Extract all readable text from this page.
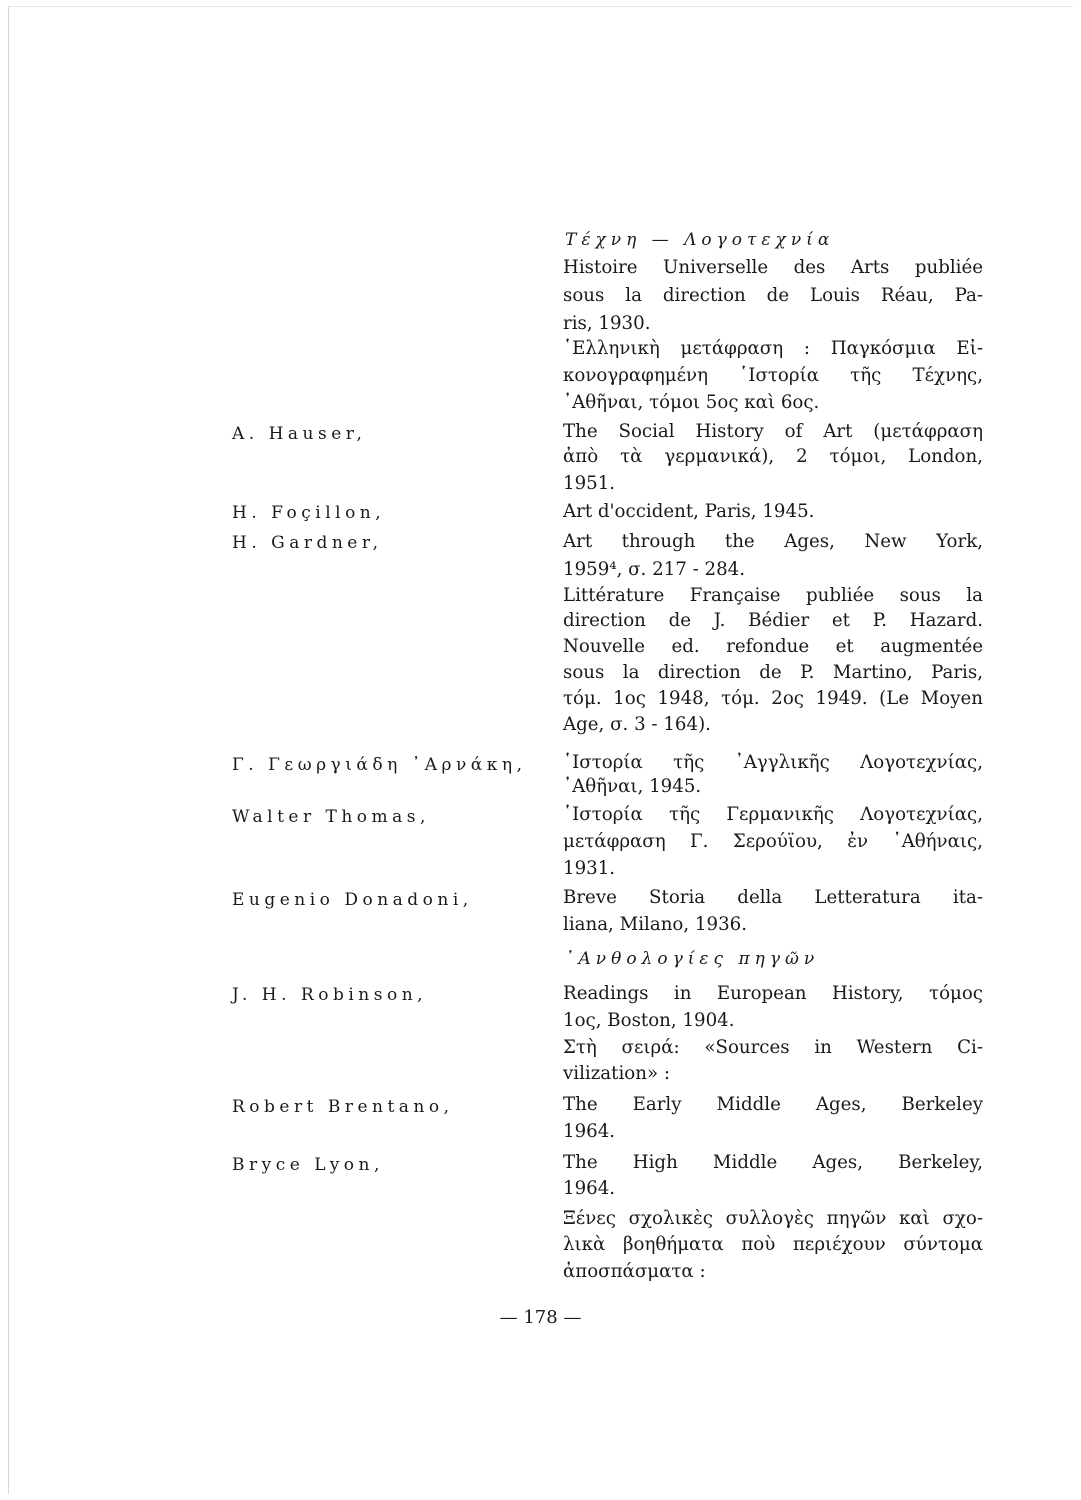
Τέχνη — Λογοτεχνία
A. Hauser,
H. Foçillon,
H. Gardner,
Γ. Γεωργιάδη ᾿Αρνάκη,
Walter Thomas,
Eugenio Donadoni,
J. H. Robinson,
Robert Brentano,
Bryce Lyon,
Histoire Universelle des Arts publiée
sous la direction de Louis Réau, Pa-
ris, 1930.
῾Ελληνικὴ μετάφραση : Παγκόσμια Εἰ-
κονογραφημένη ῾Ιστορία τῆς Τέχνης,
᾿Αθῆναι, τόμοι 5ος καὶ 6ος.
The Social History of Art (μετάφραση
ἀπὸ τὰ γερμανικά), 2 τόμοι, London,
1951.
Art d'occident, Paris, 1945.
Art through the Ages, New York,
1959⁴, σ. 217 - 284.
Littérature Française publiée sous la
direction de J. Bédier et P. Hazard.
Nouvelle ed. refondue et augmentée
sous la direction de P. Martino, Paris,
τόμ. 1ος 1948, τόμ. 2ος 1949. (Le Moyen
Age, σ. 3 - 164).
῾Ιστορία τῆς ᾿Αγγλικῆς Λογοτεχνίας,
᾿Αθῆναι, 1945.
῾Ιστορία τῆς Γερμανικῆς Λογοτεχνίας,
μετάφραση Γ. Σερούϊου, ἐν ᾿Αθήναις,
1931.
Breve Storia della Letteratura ita-
liana, Milano, 1936.
᾿Ανθολογίες πηγῶν
Readings in European History, τόμος
1ος, Boston, 1904.
Στὴ σειρά: «Sources in Western Ci-
vilization» :
The Early Middle Ages, Berkeley
1964.
The High Middle Ages, Berkeley,
1964.
Ξένες σχολικὲς συλλογὲς πηγῶν καὶ σχο-
λικὰ βοηθήματα ποὺ περιέχουν σύντομα
ἀποσπάσματα :
— 178 —
